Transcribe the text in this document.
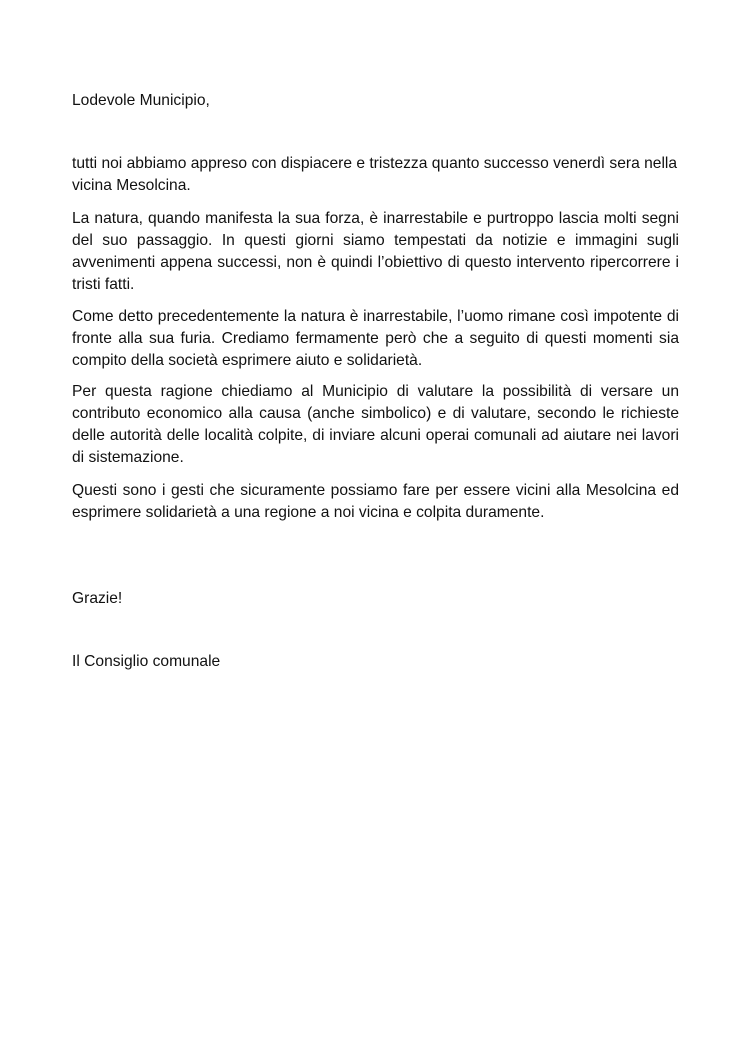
Lodevole Municipio,

tutti noi abbiamo appreso con dispiacere e tristezza quanto successo venerdì sera nella vicina Mesolcina.

La natura, quando manifesta la sua forza, è inarrestabile e purtroppo lascia molti segni del suo passaggio. In questi giorni siamo tempestati da notizie e immagini sugli avvenimenti appena successi, non è quindi l’obiettivo di questo intervento ripercorrere i tristi fatti.

Come detto precedentemente la natura è inarrestabile, l’uomo rimane così impotente di fronte alla sua furia. Crediamo fermamente però che a seguito di questi momenti sia compito della società esprimere aiuto e solidarietà.

Per questa ragione chiediamo al Municipio di valutare la possibilità di versare un contributo economico alla causa (anche simbolico) e di valutare, secondo le richieste delle autorità delle località colpite, di inviare alcuni operai comunali ad aiutare nei lavori di sistemazione.

Questi sono i gesti che sicuramente possiamo fare per essere vicini alla Mesolcina ed esprimere solidarietà a una regione a noi vicina e colpita duramente.

Grazie!

Il Consiglio comunale
